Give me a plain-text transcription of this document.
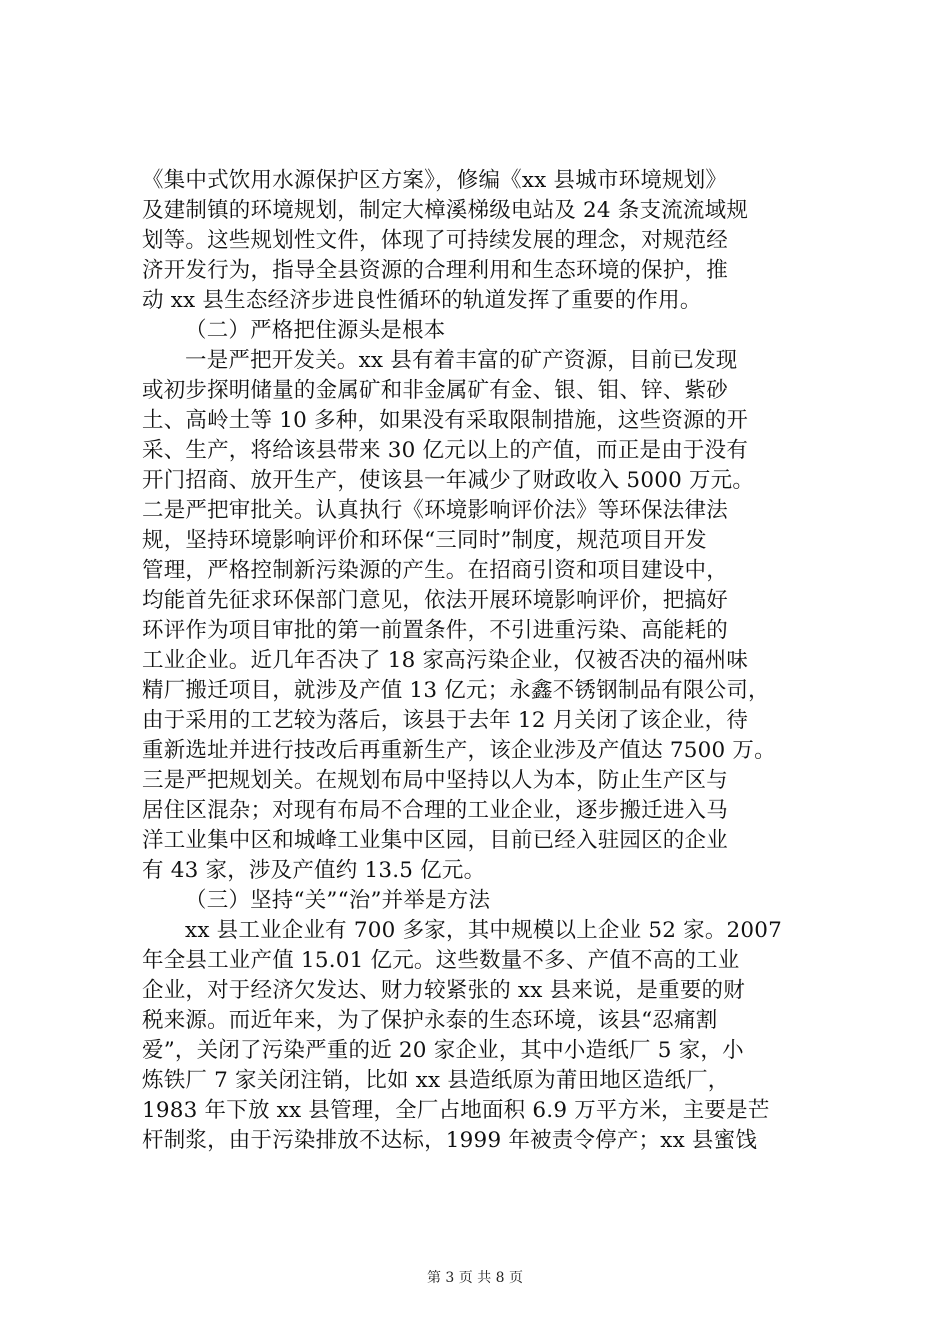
《集中式饮用水源保护区方案》，修编《xx 县城市环境规划》
及建制镇的环境规划，制定大樟溪梯级电站及 24 条支流流域规
划等。这些规划性文件，体现了可持续发展的理念，对规范经
济开发行为，指导全县资源的合理利用和生态环境的保护，推
动 xx 县生态经济步进良性循环的轨道发挥了重要的作用。
（二）严格把住源头是根本
一是严把开发关。xx 县有着丰富的矿产资源，目前已发现
或初步探明储量的金属矿和非金属矿有金、银、钼、锌、紫砂
土、高岭土等 10 多种，如果没有采取限制措施，这些资源的开
采、生产，将给该县带来 30 亿元以上的产值，而正是由于没有
开门招商、放开生产，使该县一年减少了财政收入 5000 万元。
二是严把审批关。认真执行《环境影响评价法》等环保法律法
规，坚持环境影响评价和环保“三同时”制度，规范项目开发
管理，严格控制新污染源的产生。在招商引资和项目建设中，
均能首先征求环保部门意见，依法开展环境影响评价，把搞好
环评作为项目审批的第一前置条件，不引进重污染、高能耗的
工业企业。近几年否决了 18 家高污染企业，仅被否决的福州味
精厂搬迁项目，就涉及产值 13 亿元；永鑫不锈钢制品有限公司，
由于采用的工艺较为落后，该县于去年 12 月关闭了该企业，待
重新选址并进行技改后再重新生产，该企业涉及产值达 7500 万。
三是严把规划关。在规划布局中坚持以人为本，防止生产区与
居住区混杂；对现有布局不合理的工业企业，逐步搬迁进入马
洋工业集中区和城峰工业集中区园，目前已经入驻园区的企业
有 43 家，涉及产值约 13.5 亿元。
（三）坚持“关”“治”并举是方法
xx 县工业企业有 700 多家，其中规模以上企业 52 家。2007
年全县工业产值 15.01 亿元。这些数量不多、产值不高的工业
企业，对于经济欠发达、财力较紧张的 xx 县来说，是重要的财
税来源。而近年来，为了保护永泰的生态环境，该县“忍痛割
爱”，关闭了污染严重的近 20 家企业，其中小造纸厂 5 家，小
炼铁厂 7 家关闭注销，比如 xx 县造纸原为莆田地区造纸厂，
1983 年下放 xx 县管理，全厂占地面积 6.9 万平方米，主要是芒
杆制浆，由于污染排放不达标，1999 年被责令停产；xx 县蜜饯
第 3 页 共 8 页
